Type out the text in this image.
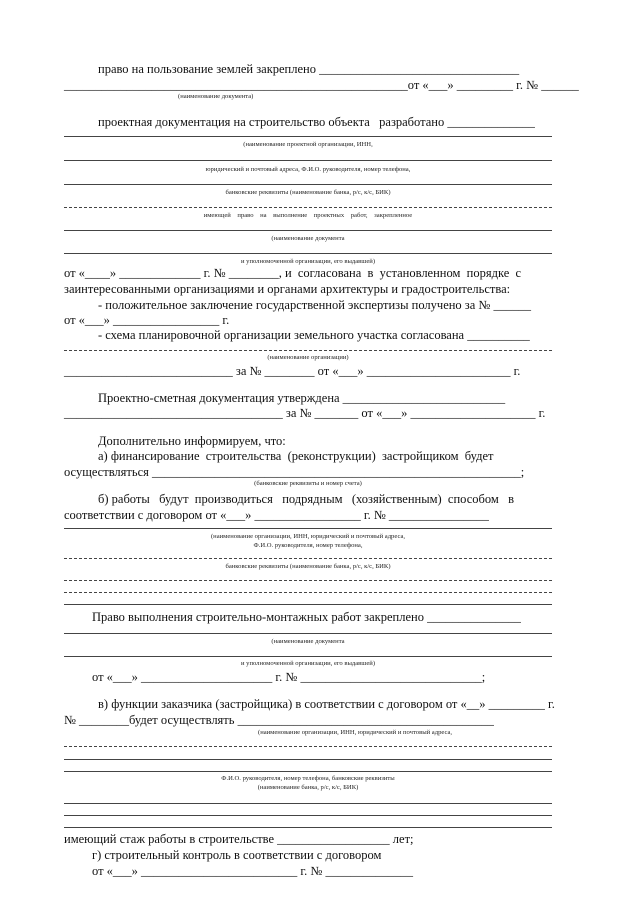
право на пользование землей закреплено ________________________________
_______________________________________________________от «___» _________ г. № ______
(наименование документа)
проектная документация на строительство объекта   разработано ______________
(наименование проектной организации, ИНН,
юридический и почтовый адреса, Ф.И.О. руководителя, номер телефона,
банковские реквизиты (наименование банка, р/с, к/с, БИК)
имеющей    право    на    выполнение    проектных    работ,    закрепленное
(наименование документа
и уполномоченной организации, его выдавшей)
от «____» _____________ г. № ________, и  согласована  в  установленном  порядке  с
заинтересованными организациями и органами архитектуры и градостроительства:
- положительное заключение государственной экспертизы получено за № ______
от «___» _________________ г.
- схема планировочной организации земельного участка согласована __________
(наименование организации)
___________________________ за № ________ от «___» _______________________ г.
Проектно-сметная документация утверждена __________________________
___________________________________ за № _______ от «___» ____________________ г.
Дополнительно информируем, что:
а) финансирование  строительства  (реконструкции)  застройщиком  будет
осуществляться ___________________________________________________________;
(банковские реквизиты и номер счета)
б) работы   будут  производиться   подрядным   (хозяйственным)  способом   в
соответствии с договором от «___» _________________ г. № ________________
(наименование организации, ИНН, юридический и почтовый адреса,
Ф.И.О. руководителя, номер телефона,
банковские реквизиты (наименование банка, р/с, к/с, БИК)
Право выполнения строительно-монтажных работ закреплено _______________
(наименование документа
и уполномоченной организации, его выдавшей)
от «___» _____________________ г. № _____________________________;
в) функции заказчика (застройщика) в соответствии с договором от «__» _________ г.
№ ________будет осуществлять _________________________________________
(наименование организации, ИНН, юридический и почтовый адреса,
Ф.И.О. руководителя, номер телефона, банковские реквизиты
(наименование банка, р/с, к/с, БИК)
имеющий стаж работы в строительстве __________________ лет;
г) строительный контроль в соответствии с договором
от «___» _________________________ г. № ______________
